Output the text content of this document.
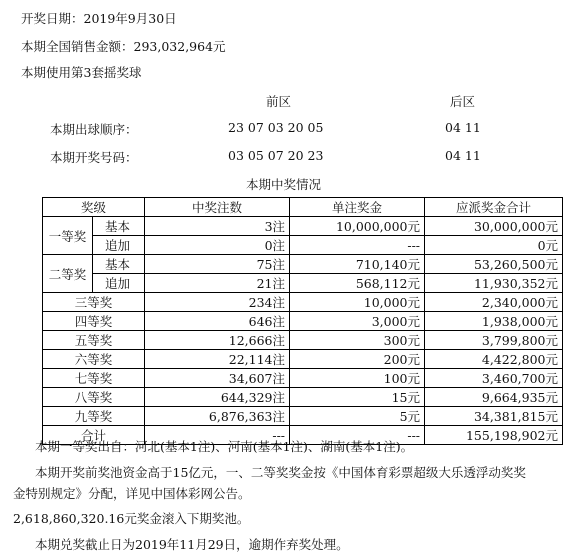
开奖日期：2019年9月30日
本期全国销售金额：293,032,964元
本期使用第3套摇奖球
前区	后区
本期出球顺序：	23 07 03 20 05	04 11
本期开奖号码：	03 05 07 20 23	04 11
本期中奖情况
奖级		中奖注数	单注奖金	应派奖金合计
一等奖	基本	3注	10,000,000元	30,000,000元
	追加	0注	---	0元
二等奖	基本	75注	710,140元	53,260,500元
	追加	21注	568,112元	11,930,352元
三等奖		234注	10,000元	2,340,000元
四等奖		646注	3,000元	1,938,000元
五等奖		12,666注	300元	3,799,800元
六等奖		22,114注	200元	4,422,800元
七等奖		34,607注	100元	3,460,700元
八等奖		644,329注	15元	9,664,935元
九等奖		6,876,363注	5元	34,381,815元
合计		---	---	155,198,902元
本期一等奖出自：河北(基本1注)、河南(基本1注)、湖南(基本1注)。
本期开奖前奖池资金高于15亿元，一、二等奖奖金按《中国体育彩票超级大乐透浮动奖奖
金特别规定》分配，详见中国体彩网公告。
2,618,860,320.16元奖金滚入下期奖池。
本期兑奖截止日为2019年11月29日，逾期作弃奖处理。
